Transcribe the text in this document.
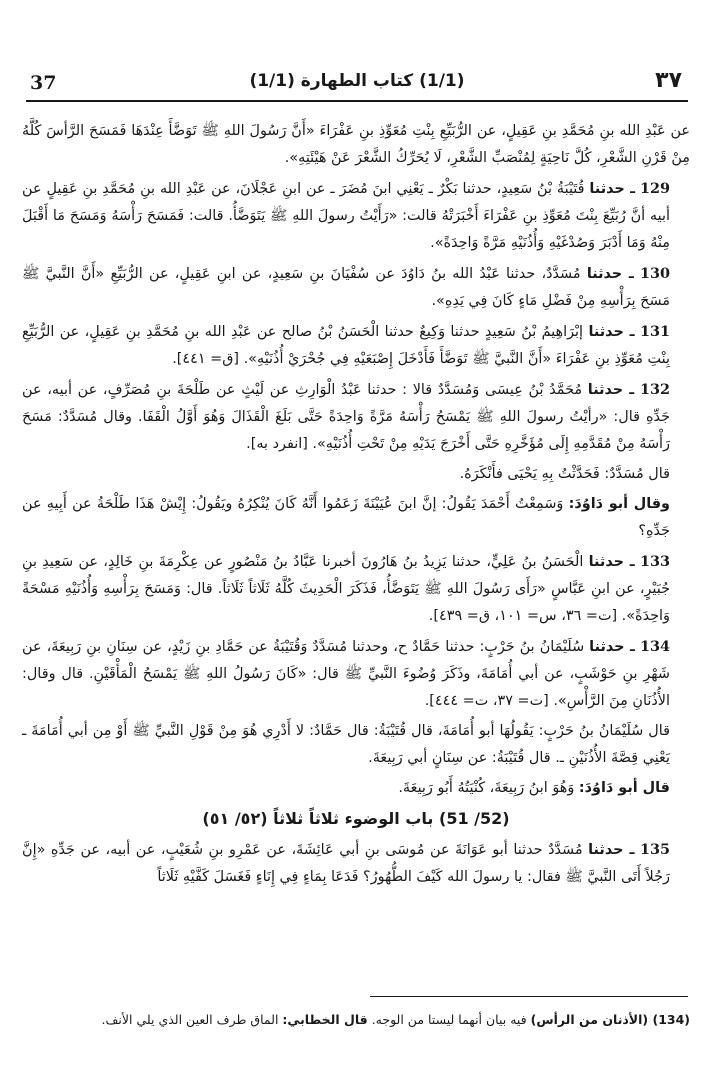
37	(1/1) كتاب الطهارة (1/1)	٣٧

عن عَبْدِ الله بنِ مُحَمَّدِ بنِ عَقِيلٍ، عن الرُّبَيِّعِ بِنْتِ مُعَوِّذِ بنِ عَفْرَاءَ «أَنَّ رَسُولَ اللهِ ﷺ تَوَضَّأَ عِنْدَهَا فَمَسَحَ الرَّأسَ كُلَّهُ مِنْ قَرْنِ الشَّعْرِ، كُلَّ نَاحِيَةٍ لِمُنْصَبِّ الشَّعْرِ، لَا يُحَرِّكُ الشَّعْرَ عَنْ هَيْئَتِهِ».

129 ـ حدثنا قُتَيْبَةُ بْنُ سَعِيدٍ، حدثنا بَكْرٌ ـ يَعْنِي ابنَ مُضَرَ ـ عن ابنِ عَجْلَانَ، عن عَبْدِ الله بنِ مُحَمَّدِ بنِ عَقِيلٍ عن أبيه أنَّ رُبَيِّعَ بِنْتَ مُعَوِّذِ بنِ عَفْرَاءَ أَخْبَرَتْهُ قالت: «رَأَيْتُ رسولَ اللهِ ﷺ يَتَوَضَّأُ. قالت: فَمَسَحَ رَأْسَهُ وَمَسَحَ مَا أَقْبَلَ مِنْهُ وَمَا أَدْبَرَ وَصُدْغَيْهِ وَأُذُنَيْهِ مَرَّةً وَاحِدَةً».

130 ـ حدثنا مُسَدَّدٌ، حدثنا عَبْدُ الله بنُ دَاوُدَ عن سُفْيَانَ بنِ سَعِيدٍ، عن ابنِ عَقِيلٍ، عن الرُّبَيِّعِ «أَنَّ النَّبيَّ ﷺ مَسَحَ بِرَأْسِهِ مِنْ فَضْلِ مَاءٍ كَانَ فِي يَدِهِ».

131 ـ حدثنا إبْرَاهِيمُ بْنُ سَعِيدٍ حدثنا وَكِيعٌ حدثنا الْحَسَنُ بْنُ صالح عن عَبْدِ الله بنِ مُحَمَّدِ بنِ عَقِيلٍ، عن الرُّبَيِّعِ بِنْتِ مُعَوِّذِ بنِ عَفْرَاءَ «أَنَّ النَّبيَّ ﷺ تَوَضَّأَ فَأَدْخَلَ إِصْبَعَيْهِ فِي جُحْرَيْ أُذُنَيْهِ». [ق= ٤٤١].

132 ـ حدثنا مُحَمَّدُ بْنُ عِيسَى وَمُسَدَّدٌ قالا : حدثنا عَبْدُ الْوَارِثِ عن لَيْثٍ عن طَلْحَةَ بنِ مُصَرِّفٍ، عن أبيه، عن جَدِّهِ قال: «رأيْتُ رسولَ اللهِ ﷺ يَمْسَحُ رَأْسَهُ مَرَّةً وَاحِدَةً حَتَّى بَلَغَ الْقَذَالَ وَهُوَ أَوَّلُ الْقَفَا. وقال مُسَدَّدٌ: مَسَحَ رَأْسَهُ مِنْ مُقَدَّمِهِ إِلَى مُؤَخَّرِهِ حَتَّى أَخْرَجَ يَدَيْهِ مِنْ تَحْتِ أُذُنَيْهِ». [انفرد به].

قال مُسَدَّدٌ: فَحَدَّثْتُ بِهِ يَحْيَى فأَنْكَرَهُ.

وقال أبو دَاوُدَ: وَسَمِعْتُ أَحْمَدَ يَقُولُ: إنَّ ابنَ عُيَيْنَةَ زَعَمُوا أَنَّهُ كَانَ يُنْكِرُهُ ويَقُولُ: إِيْشْ هَذَا طَلْحَةُ عن أَبِيهِ عن جَدِّهِ؟

133 ـ حدثنا الْحَسَنُ بنُ عَلِيٍّ، حدثنا يَزِيدُ بنُ هَارُونَ أخبرنا عَبَّادُ بنُ مَنْصُورٍ عن عِكْرِمَةَ بنِ خَالِدٍ، عن سَعِيدِ بنِ جُبَيْرٍ، عن ابنِ عَبَّاسٍ «رَأَى رَسُولَ اللهِ ﷺ يَتَوَضَّأُ، فَذَكَرَ الْحَدِيثَ كُلَّهُ ثَلَاثاً ثَلَاثاً. قال: وَمَسَحَ بِرَأْسِهِ وَأُذُنَيْهِ مَسْحَةً وَاحِدَةً». [ت= ٣٦، س= ١٠١، ق= ٤٣٩].

134 ـ حدثنا سُلَيْمَانُ بنُ حَرْبٍ: حدثنا حَمَّادٌ ح، وحدثنا مُسَدَّدٌ وَقُتَيْبَةُ عن حَمَّادِ بنِ زَيْدٍ، عن سِنَانِ بنِ رَبِيعَةَ، عن شَهْرِ بنِ حَوْشَبٍ، عن أبي أُمَامَةَ، وذَكَرَ وُضُوءَ النَّبيِّ ﷺ قال: «كَانَ رَسُولُ اللهِ ﷺ يَمْسَحُ الْمَأْقَيْنِ. قال وقال: الأُذُنَانِ مِنَ الرَّأْسِ». [ت= ٣٧، ت= ٤٤٤].

قال سُلَيْمَانُ بنُ حَرْبٍ: يَقُولُهَا أبو أُمَامَةَ، قال قُتَيْبَةُ: قال حَمَّادٌ: لا أَدْرِي هُوَ مِنْ قَوْلِ النَّبيِّ ﷺ أَوْ مِن أبي أُمَامَةَ ـ يَعْنِي قِصَّةَ الأُذُنَيْنِ ـ. قال قُتَيْبَةُ: عن سِنَانٍ أبي رَبِيعَةَ.

قال أبو دَاوُدَ: وَهُوَ ابنُ رَبِيعَةَ، كُنْيَتُهُ أَبُو رَبِيعَةَ.

(52/ 51) باب الوضوء ثلاثاً ثلاثاً (٥٢/ ٥١)

135 ـ حدثنا مُسَدَّدٌ حدثنا أبو عَوَانَةَ عن مُوسَى بنِ أبي عَائِشَةَ، عن عَمْرِو بنِ شُعَيْبٍ، عن أبيه، عن جَدِّهِ «إِنَّ رَجُلاً أَتَى النَّبيَّ ﷺ فقال: يا رسولَ الله كَيْفَ الطُّهُورُ؟ فَدَعَا بِمَاءٍ فِي إِنَاءٍ فَغَسَلَ كَفَّيْهِ ثَلَاثاً

(134) (الأذنان من الرأس) فيه بيان أنهما ليستا من الوجه. قال الخطابي: الماق طرف العين الذي يلي الأنف.
